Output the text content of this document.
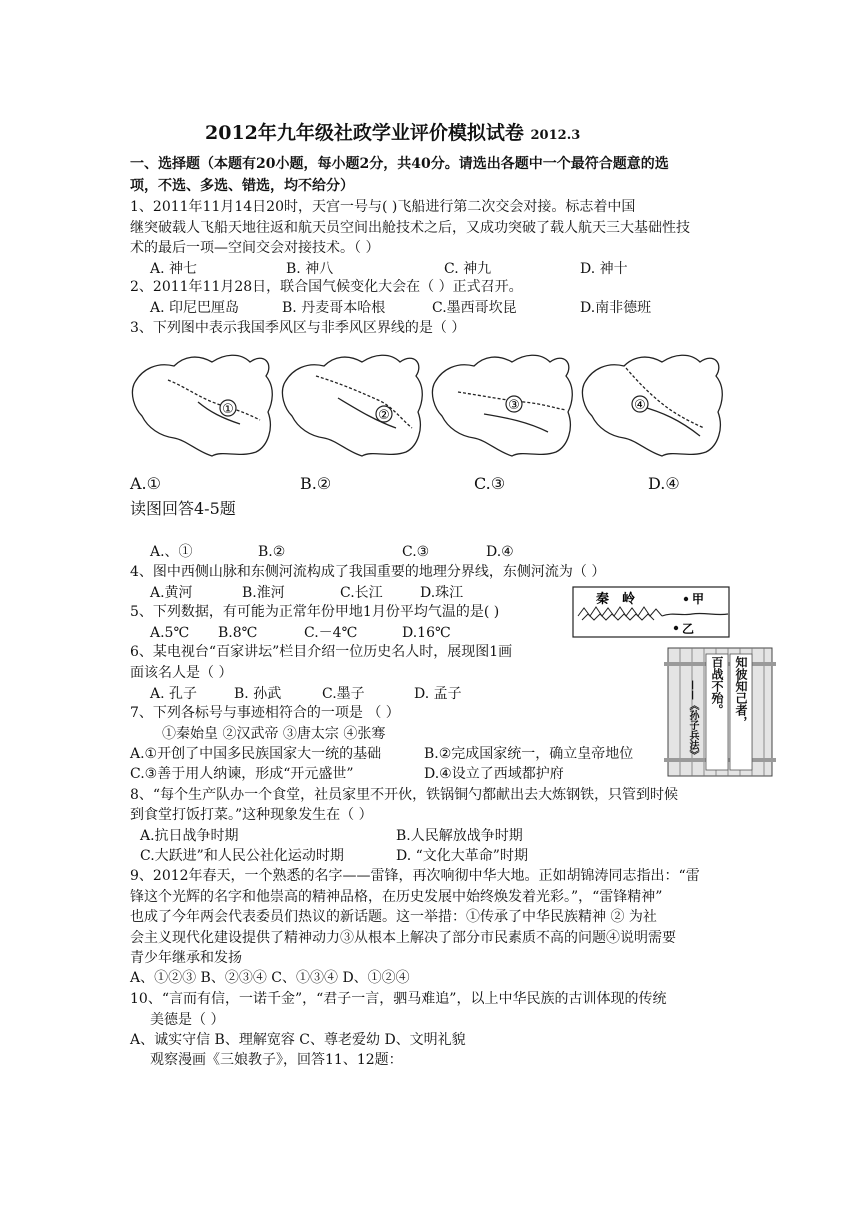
2012年九年级社政学业评价模拟试卷 2012.3
一、选择题（本题有20小题，每小题2分，共40分。请选出各题中一个最符合题意的选
项，不选、多选、错选，均不给分）
1、2011年11月14日20时，天宫一号与( )飞船进行第二次交会对接。标志着中国
继突破载人飞船天地往返和航天员空间出舱技术之后，又成功突破了载人航天三大基础性技
术的最后一项—空间交会对接技术。（ ）
A. 神七	B. 神八	C. 神九	D. 神十
2、2011年11月28日，联合国气候变化大会在（ ）正式召开。
A. 印尼巴厘岛	B. 丹麦哥本哈根	C.墨西哥坎昆	D.南非德班
3、下列图中表示我国季风区与非季风区界线的是（ ）
①	②
③	④
A.①	B.②	C.③	D.④
读图回答4-5题
A.、①	B.②	C.③	D.④
4、图中西侧山脉和东侧河流构成了我国重要的地理分界线，东侧河流为（ ）
A.黄河	B.淮河	C.长江	D.珠江	秦　岭	甲
乙
5、下列数据，有可能为正常年份甲地1月份平均气温的是( )
A.5℃ B.8℃	C.－4℃	D.16℃
6、某电视台“百家讲坛”栏目介绍一位历史名人时，展现图1画
面该名人是（ ）
A. 孔子	B. 孙武	C.墨子	D. 孟子	知彼知己者，
百战不殆。
——《孙子兵法》
7、下列各标号与事迹相符合的一项是 （ ）
①秦始皇 ②汉武帝 ③唐太宗 ④张骞
A.①开创了中国多民族国家大一统的基础	B.②完成国家统一，确立皇帝地位
C.③善于用人纳谏，形成“开元盛世”	D.④设立了西域都护府
8、“每个生产队办一个食堂，社员家里不开伙，铁锅铜勺都献出去大炼钢铁，只管到时候
到食堂打饭打菜。”这种现象发生在（ ）
A.抗日战争时期	B.人民解放战争时期
C.大跃进”和人民公社化运动时期	D. “文化大革命”时期
9、2012年春天，一个熟悉的名字——雷锋，再次响彻中华大地。正如胡锦涛同志指出：“雷
锋这个光辉的名字和他崇高的精神品格，在历史发展中始终焕发着光彩。”，“雷锋精神”
也成了今年两会代表委员们热议的新话题。这一举措：①传承了中华民族精神 ② 为社
会主义现代化建设提供了精神动力③从根本上解决了部分市民素质不高的问题④说明需要
青少年继承和发扬
A、①②③ B、②③④ C、①③④ D、①②④
10、“言而有信，一诺千金”，“君子一言，驷马难追”，以上中华民族的古训体现的传统
美德是（ ）
A、诚实守信 B、理解宽容 C、尊老爱幼 D、文明礼貌
观察漫画《三娘教子》，回答11、12题：
